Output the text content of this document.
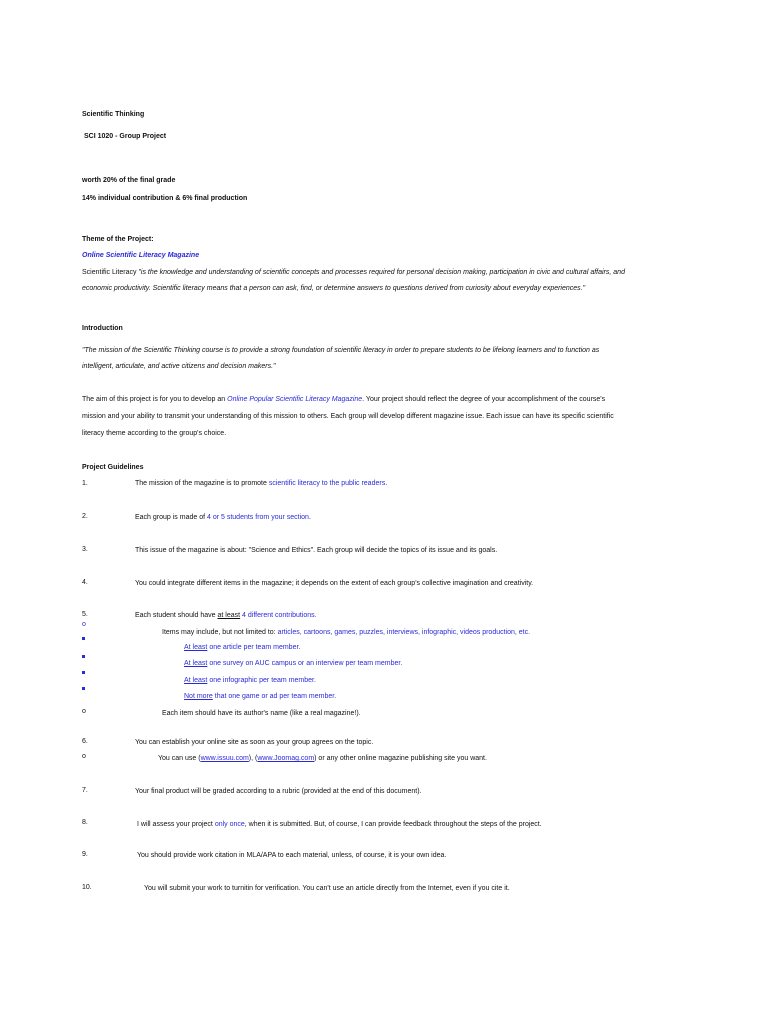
Scientific Thinking
SCI 1020 - Group Project
worth 20% of the final grade
14% individual contribution & 6% final production
Theme of the Project:
Online Scientific Literacy Magazine
Scientific Literacy "is the knowledge and understanding of scientific concepts and processes required for personal decision making, participation in civic and cultural affairs, and
economic productivity. Scientific literacy means that a person can ask, find, or determine answers to questions derived from curiosity about everyday experiences."
Introduction
"The mission of the Scientific Thinking course is to provide a strong foundation of scientific literacy in order to prepare students to be lifelong learners and to function as
intelligent, articulate, and active citizens and decision makers."
The aim of this project is for you to develop an Online Popular Scientific Literacy Magazine. Your project should reflect the degree of your accomplishment of the course's
mission and your ability to transmit your understanding of this mission to others. Each group will develop different magazine issue. Each issue can have its specific scientific
literacy theme according to the group's choice.
Project Guidelines
1.	The mission of the magazine is to promote scientific literacy to the public readers.
2.	Each group is made of 4 or 5 students from your section.
3.	This issue of the magazine is about: "Science and Ethics". Each group will decide the topics of its issue and its goals.
4.	You could integrate different items in the magazine; it depends on the extent of each group's collective imagination and creativity.
5.	Each student should have at least 4 different contributions.
o
Items may include, but not limited to: articles, cartoons, games, puzzles, interviews, infographic, videos production, etc.
At least one article per team member.
At least one survey on AUC campus or an interview per team member.
At least one infographic per team member.
Not more that one game or ad per team member.
o	Each item should have its author's name (like a real magazine!).
6.	You can establish your online site as soon as your group agrees on the topic.
o	You can use (www.issuu.com), (www.Joomag.com) or any other online magazine publishing site you want.
7.	Your final product will be graded according to a rubric (provided at the end of this document).
8.	I will assess your project only once, when it is submitted. But, of course, I can provide feedback throughout the steps of the project.
9.	You should provide work citation in MLA/APA to each material, unless, of course, it is your own idea.
10.	You will submit your work to turnitin for verification. You can't use an article directly from the Internet, even if you cite it.
